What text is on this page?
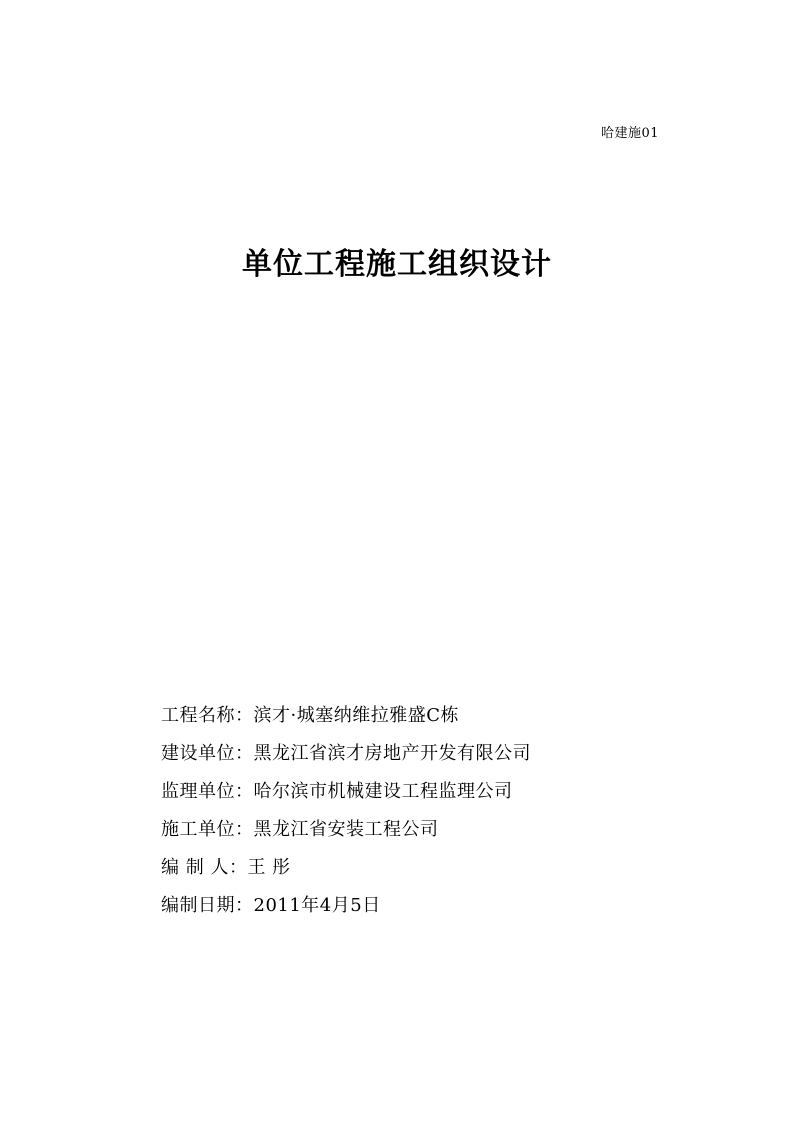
哈建施01
单位工程施工组织设计
工程名称：滨才·城塞纳维拉雅盛C栋
建设单位：黑龙江省滨才房地产开发有限公司
监理单位：哈尔滨市机械建设工程监理公司
施工单位：黑龙江省安装工程公司
编 制 人：王 彤
编制日期：2011年4月5日
